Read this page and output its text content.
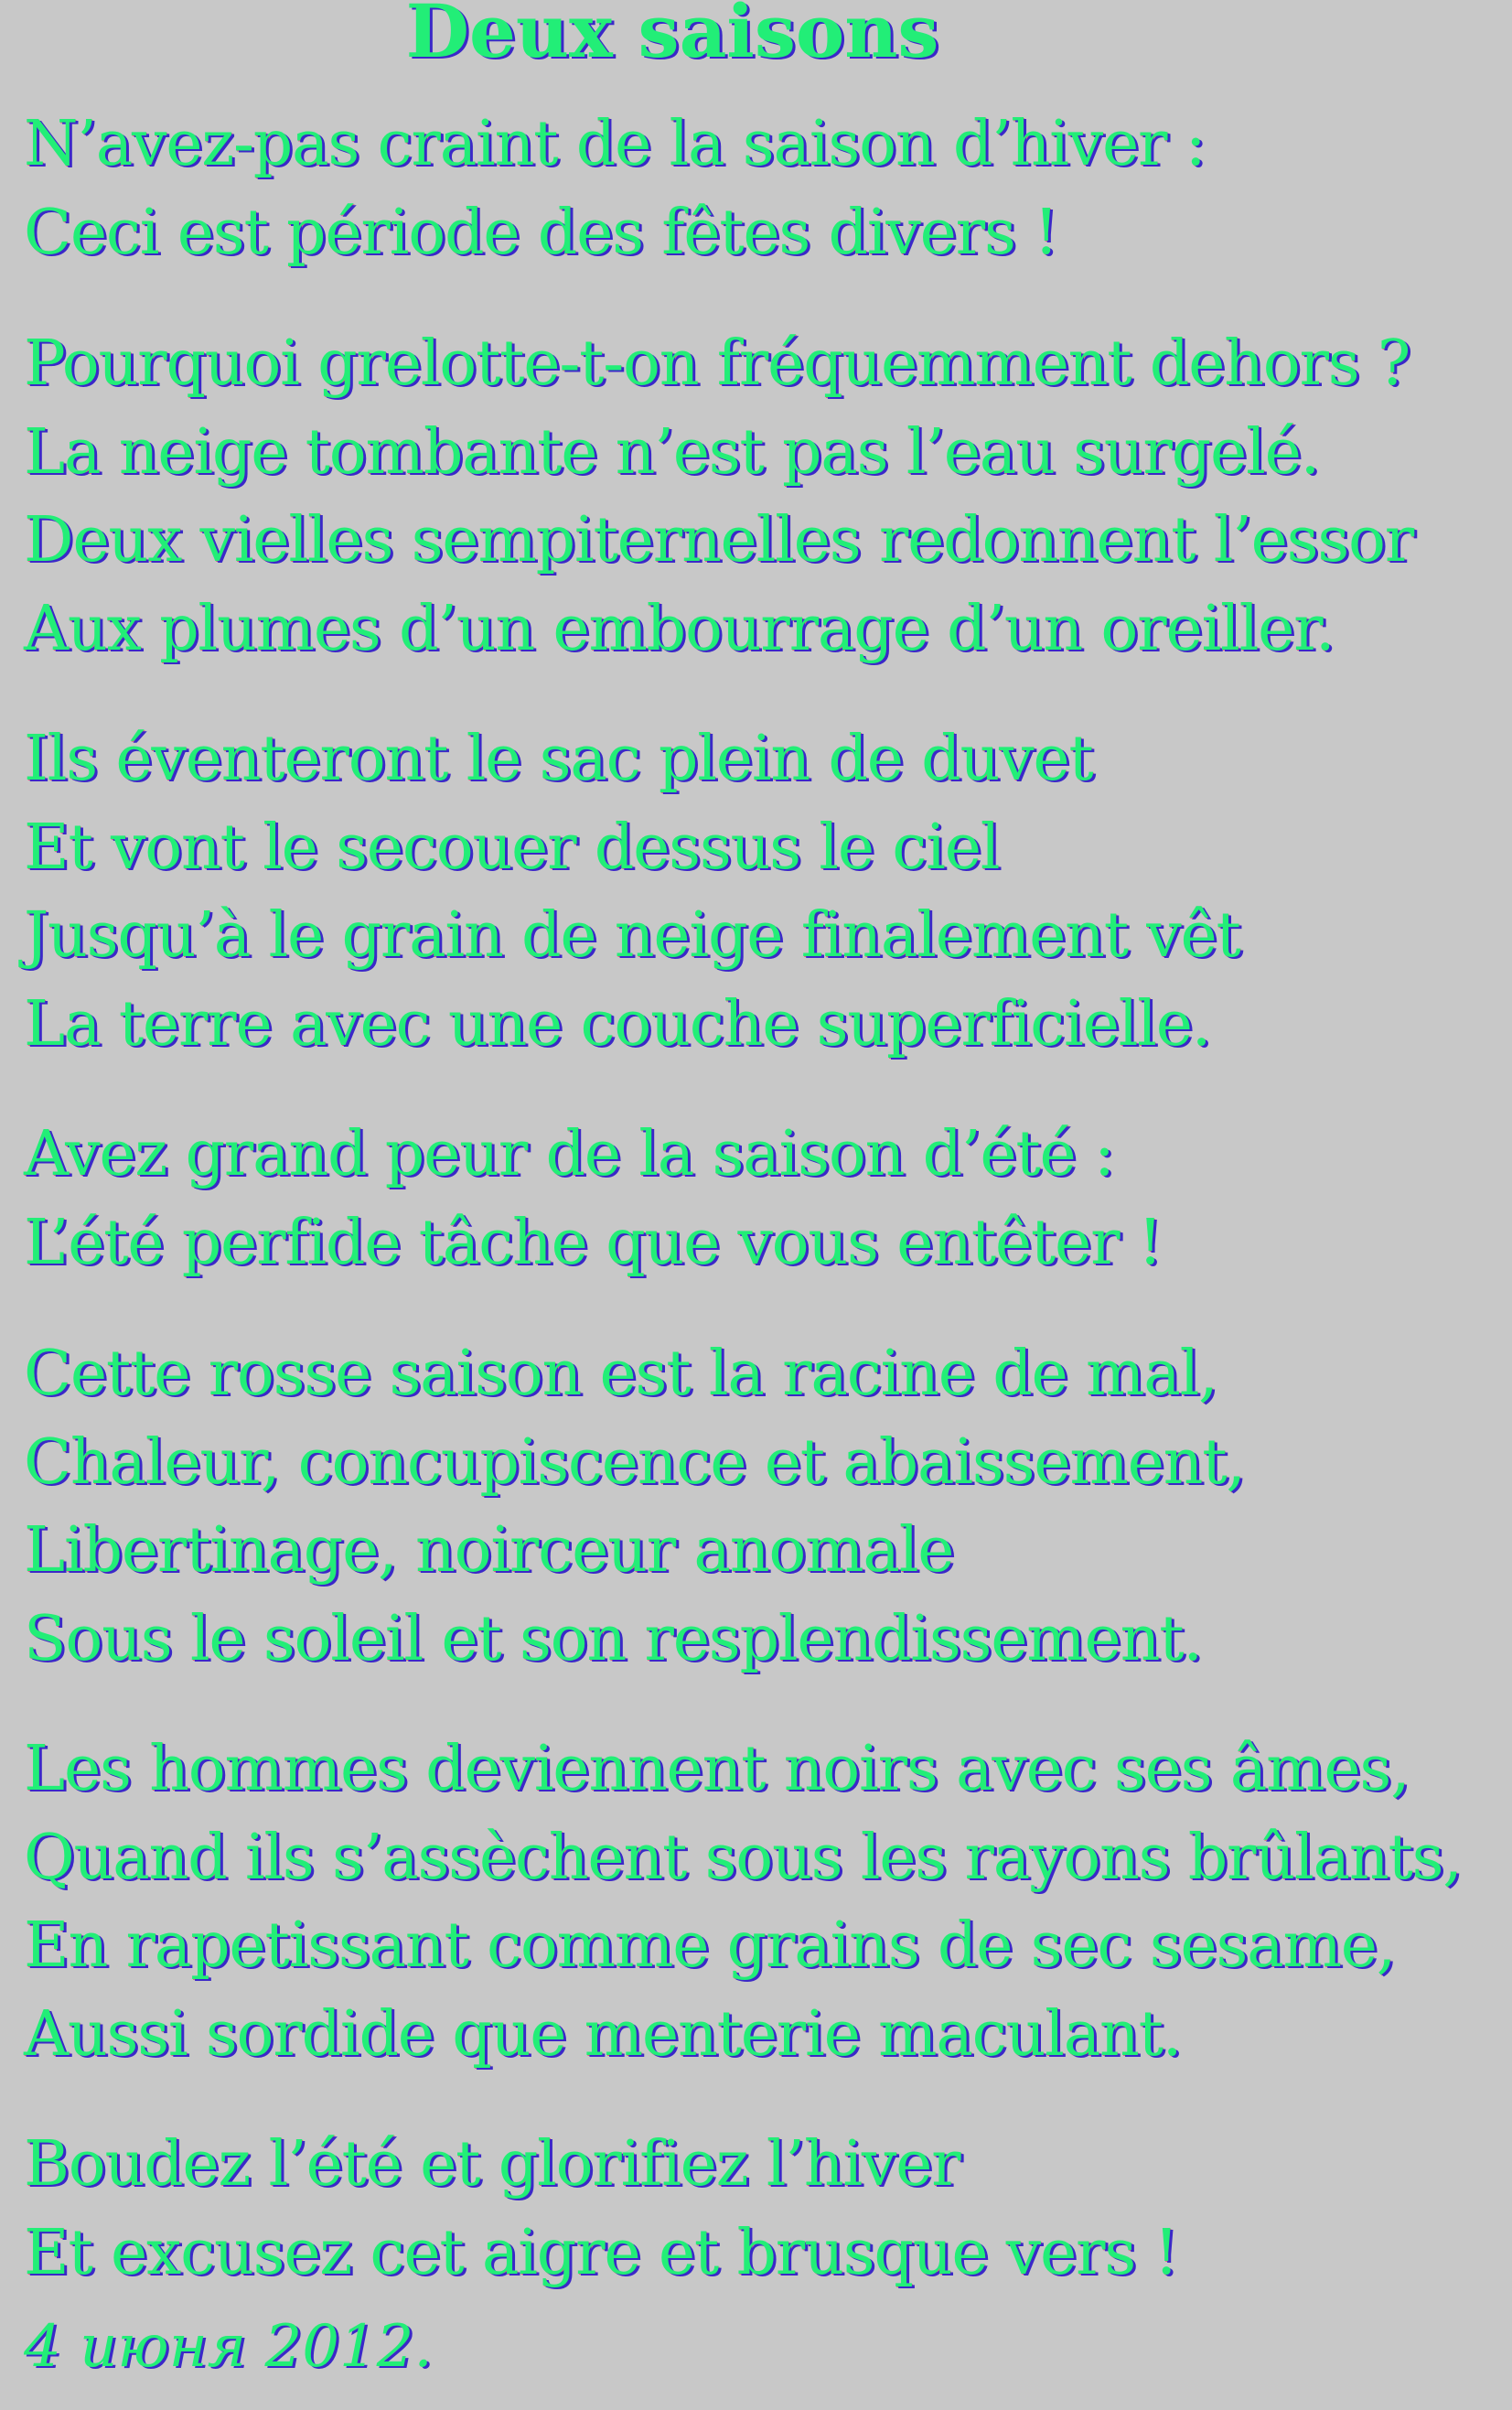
Deux saisons
N’avez-pas craint de la saison d’hiver :
Ceci est période des fêtes divers !
Pourquoi grelotte-t-on fréquemment dehors ?
La neige tombante n’est pas l’eau surgelé.
Deux vielles sempiternelles redonnent l’essor
Aux plumes d’un embourrage d’un oreiller.
Ils éventeront le sac plein de duvet
Et vont le secouer dessus le ciel
Jusqu’à le grain de neige finalement vêt
La terre avec une couche superficielle.
Avez grand peur de la saison d’été :
L’été perfide tâche que vous entêter !
Cette rosse saison est la racine de mal,
Chaleur, concupiscence et abaissement,
Libertinage, noirceur anomale
Sous le soleil et son resplendissement.
Les hommes deviennent noirs avec ses âmes,
Quand ils s’assèchent sous les rayons brûlants,
En rapetissant comme grains de sec sesame,
Aussi sordide que menterie maculant.
Boudez l’été et glorifiez l’hiver
Et excusez cet aigre et brusque vers !
4 июня 2012.
